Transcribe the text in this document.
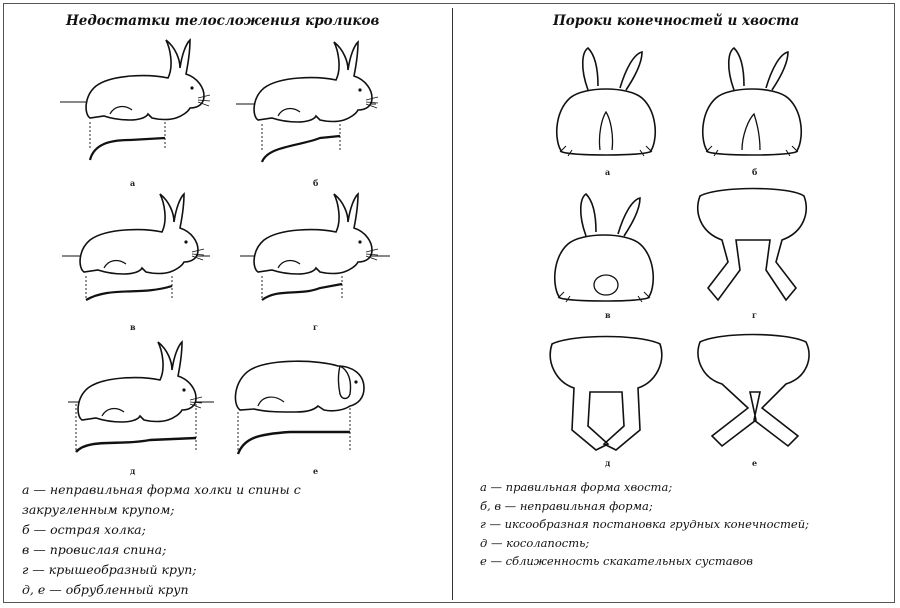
Недостатки телосложения кроликов	Пороки конечностей и хвоста
а	б
в	г
д	е
а	б
в	г
д	е
а — неправильная форма холки и спины с
закругленным крупом;
б — острая холка;
в — провислая спина;
г — крышеобразный круп;
д, е — обрубленный круп
а — правильная форма хвоста;
б, в — неправильная форма;
г — иксообразная постановка грудных конечностей;
д — косолапость;
е — сближенность скакательных суставов
